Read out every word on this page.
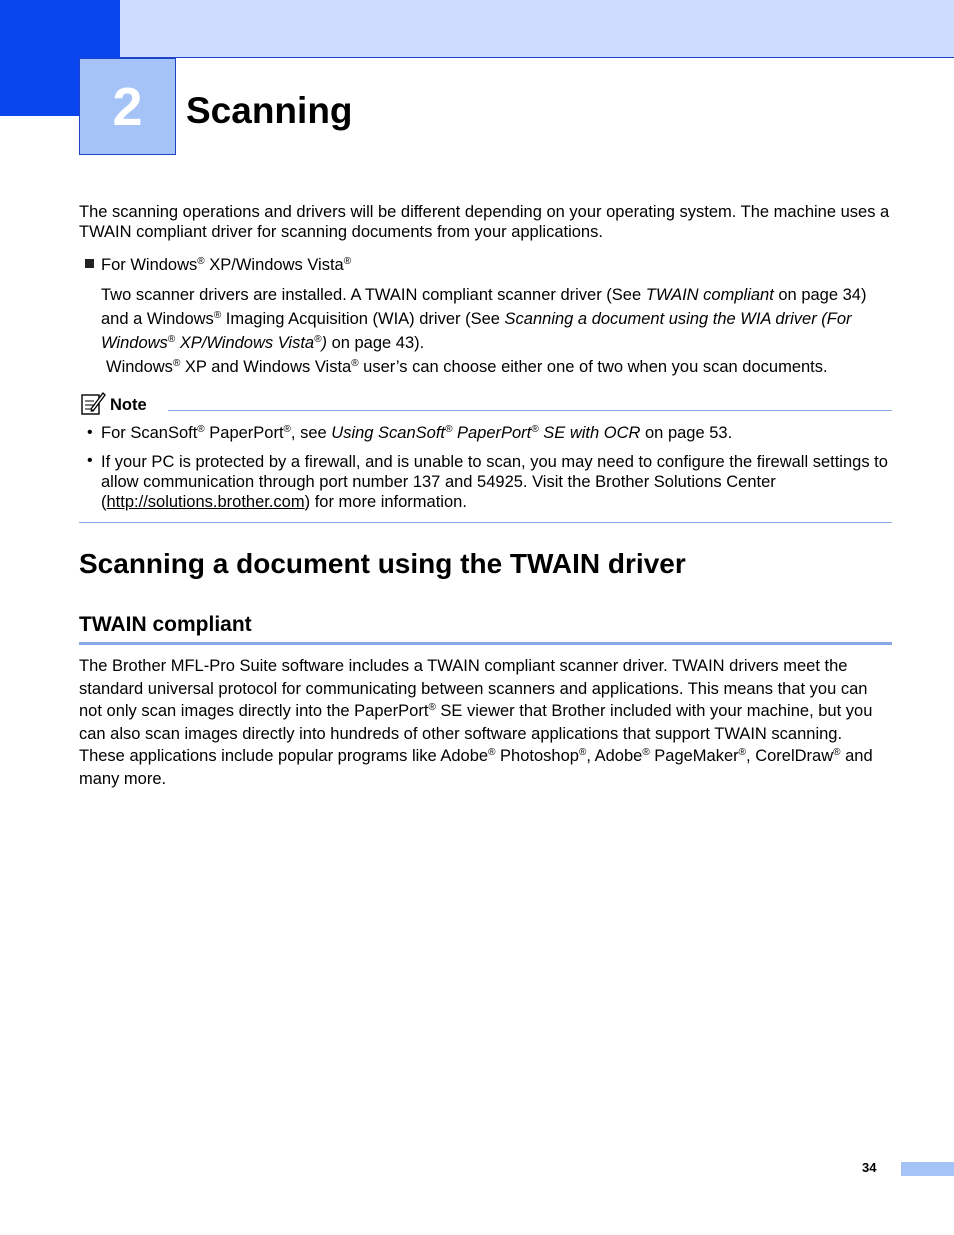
2	Scanning

The scanning operations and drivers will be different depending on your operating system. The machine uses a TWAIN compliant driver for scanning documents from your applications.

For Windows® XP/Windows Vista®

Two scanner drivers are installed. A TWAIN compliant scanner driver (See TWAIN compliant on page 34) and a Windows® Imaging Acquisition (WIA) driver (See Scanning a document using the WIA driver (For Windows® XP/Windows Vista®) on page 43).

Windows® XP and Windows Vista® user’s can choose either one of two when you scan documents.

Note
• For ScanSoft® PaperPort®, see Using ScanSoft® PaperPort® SE with OCR on page 53.

• If your PC is protected by a firewall, and is unable to scan, you may need to configure the firewall settings to allow communication through port number 137 and 54925. Visit the Brother Solutions Center (http://solutions.brother.com) for more information.

Scanning a document using the TWAIN driver
TWAIN compliant

The Brother MFL-Pro Suite software includes a TWAIN compliant scanner driver. TWAIN drivers meet the standard universal protocol for communicating between scanners and applications. This means that you can not only scan images directly into the PaperPort® SE viewer that Brother included with your machine, but you can also scan images directly into hundreds of other software applications that support TWAIN scanning. These applications include popular programs like Adobe® Photoshop®, Adobe® PageMaker®, CorelDraw® and many more.

34
